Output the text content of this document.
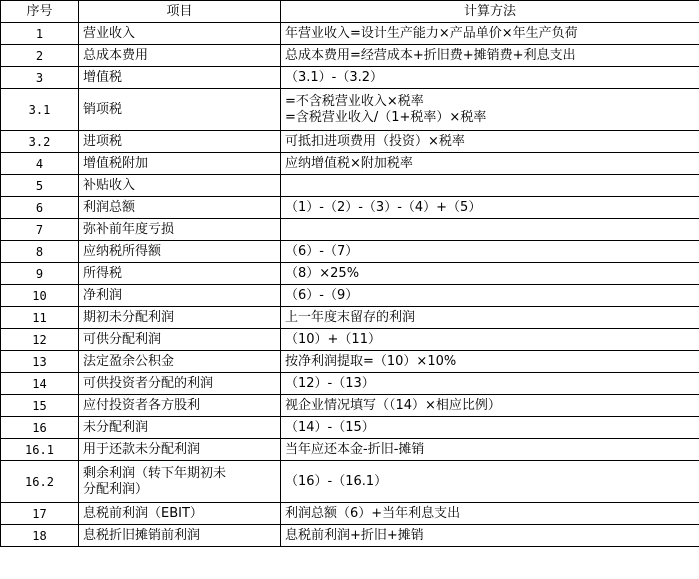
序号	项目	计算方法
1	营业收入	年营业收入=设计生产能力×产品单价×年生产负荷

2	总成本费用	总成本费用=经营成本+折旧费+摊销费+利息支出

3	增值税	（3.1）-（3.2）

3.1	销项税	=不含税营业收入×税率
=含税营业收入/（1+税率）×税率

3.2	进项税	可抵扣进项费用（投资）×税率

4	增值税附加	应纳增值税×附加税率

5	补贴收入	

6	利润总额	（1）-（2）-（3）-（4）+（5）

7	弥补前年度亏损	

8	应纳税所得额	（6）-（7）

9	所得税	（8）×25%

10	净利润	（6）-（9）

11	期初未分配利润	上一年度末留存的利润

12	可供分配利润	（10）+（11）

13	法定盈余公积金	按净利润提取=（10）×10%

14	可供投资者分配的利润	（12）-（13）

15	应付投资者各方股利	视企业情况填写（（14）×相应比例）

16	未分配利润	（14）-（15）

16.1	用于还款未分配利润	当年应还本金-折旧-摊销

16.2	剩余利润（转下年期初未
分配利润）	（16）-（16.1）

17	息税前利润（EBIT）	利润总额（6）+当年利息支出

18	息税折旧摊销前利润	息税前利润+折旧+摊销
